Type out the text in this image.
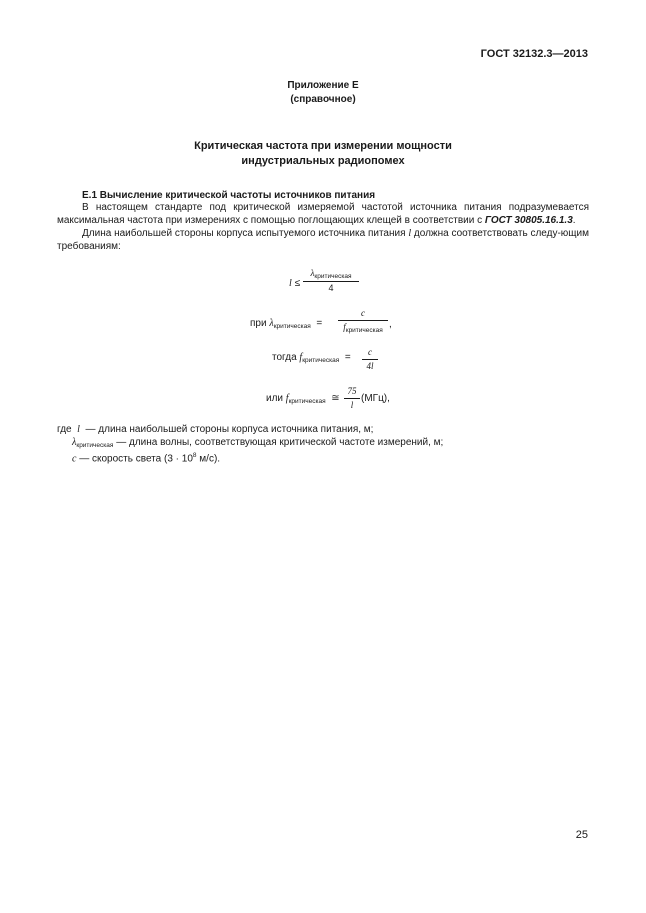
ГОСТ 32132.3—2013
Приложение Е
(справочное)
Критическая частота при измерении мощности
индустриальных радиопомех
Е.1 Вычисление критической частоты источников питания
В настоящем стандарте под критической измеряемой частотой источника питания подразумевается максимальная частота при измерениях с помощью поглощающих клещей в соответствии с ГОСТ 30805.16.1.3.
Длина наибольшей стороны корпуса испытуемого источника питания l должна соответствовать следу-ющим требованиям:
l ≤
$\lambda_{критическая}$
4
при $\lambda_{критическая}$ =
c
$f_{критическая}$
,
тогда $f_{критическая}$ =	c
4l
или $f_{критическая}$ ≅
75
l
(МГц),
где l — длина наибольшей стороны корпуса источника питания, м;
$\lambda_{критическая}$ — длина волны, соответствующая критической частоте измерений, м;
c — скорость света ($3 \cdot 10^8$ м/с).
25
